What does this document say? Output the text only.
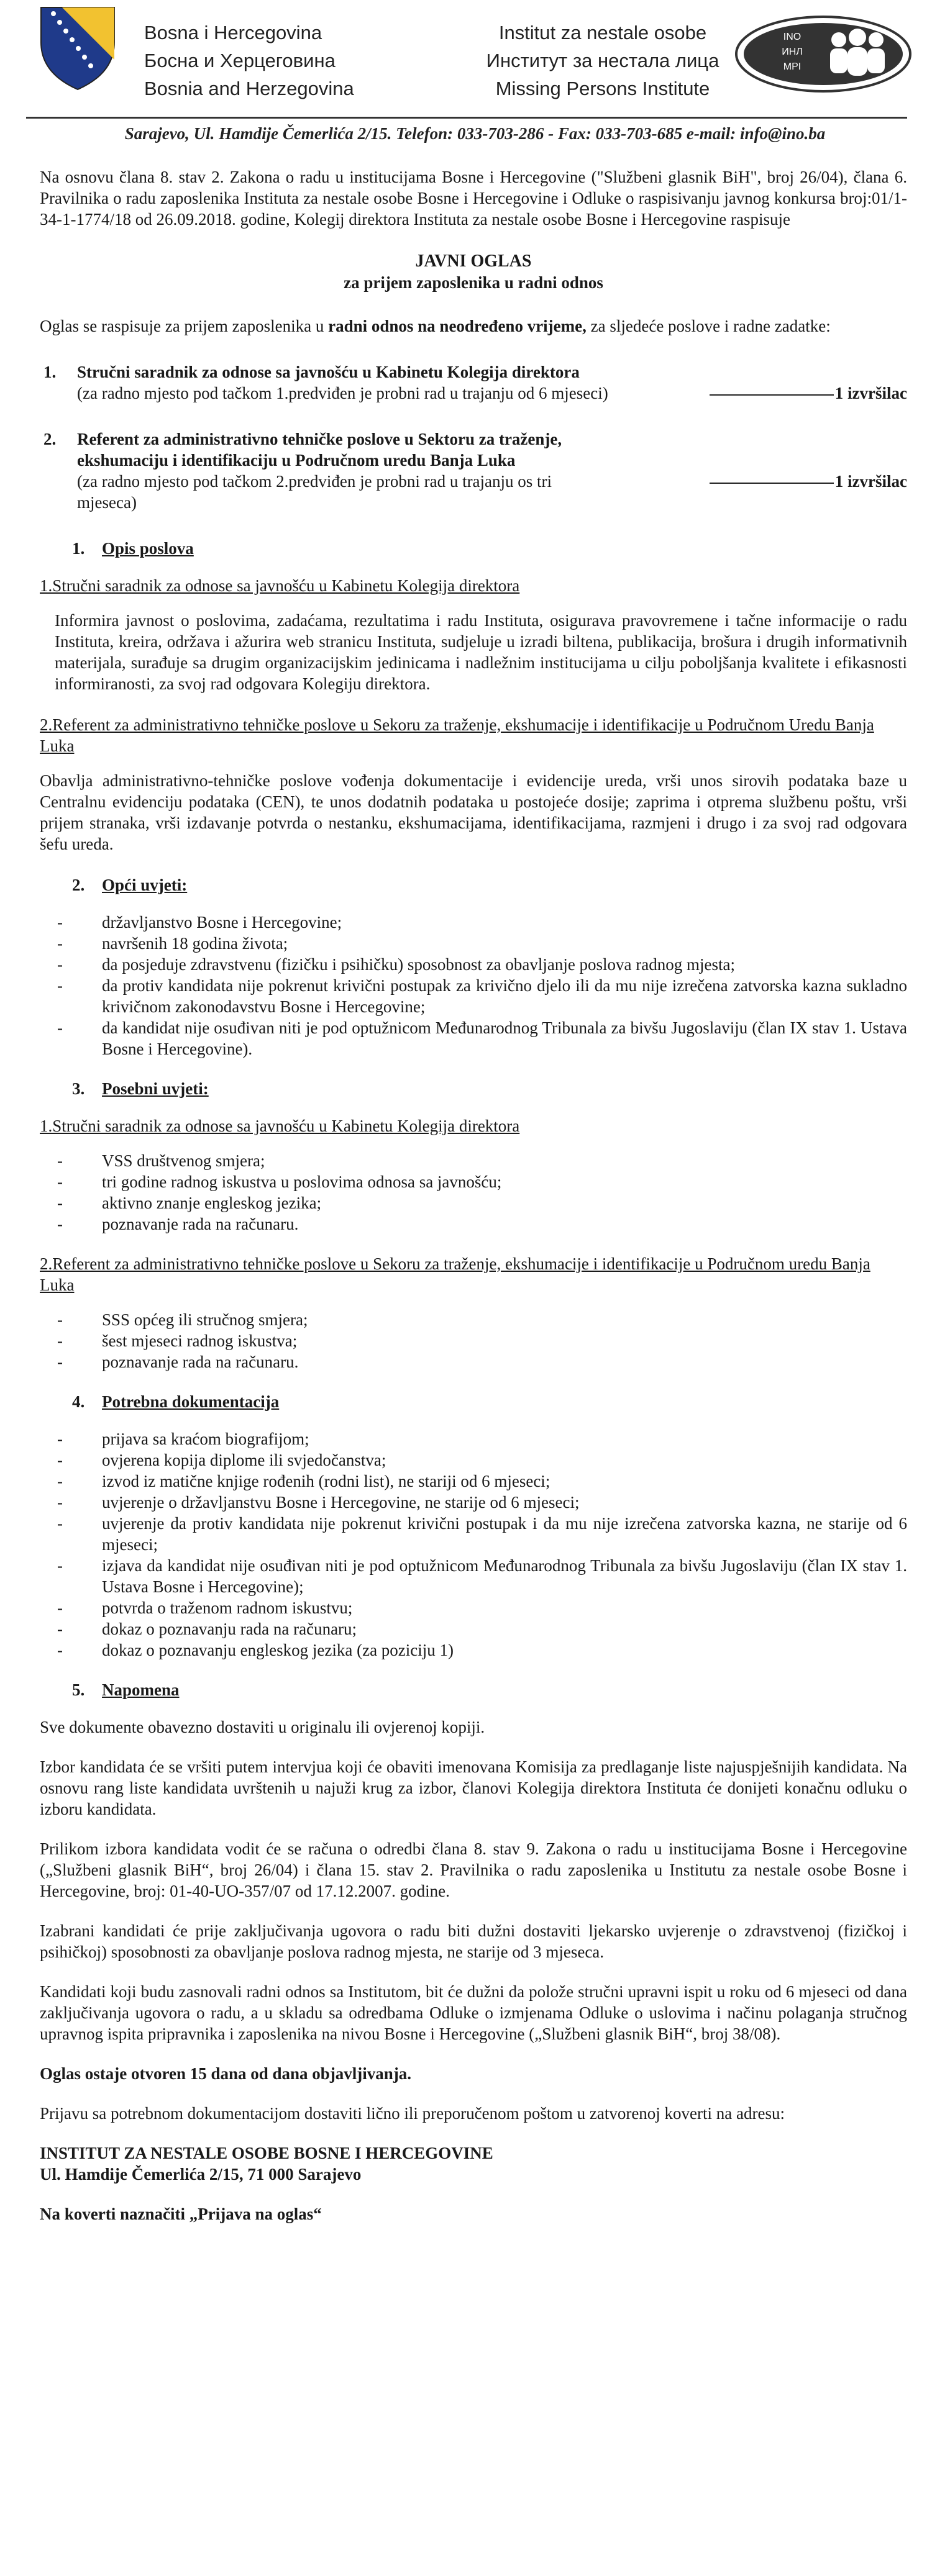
Bosna i Hercegovina
Босна и Херцеговина
Bosnia and Herzegovina
Institut za nestale osobe
Институт за нестала лица
Missing Persons Institute
INO
ИНЛ
MPI
Sarajevo, Ul. Hamdije Čemerlića 2/15. Telefon: 033-703-286 - Fax: 033-703-685 e-mail: info@ino.ba

Na osnovu člana 8. stav 2. Zakona o radu u institucijama Bosne i Hercegovine ("Službeni glasnik BiH", broj 26/04), člana 6. Pravilnika o radu zaposlenika Instituta za nestale osobe Bosne i Hercegovine i Odluke o raspisivanju javnog konkursa broj:01/1-34-1-1774/18 od 26.09.2018. godine, Kolegij direktora Instituta za nestale osobe Bosne i Hercegovine raspisuje

JAVNI OGLAS

za prijem zaposlenika u radni odnos

Oglas se raspisuje za prijem zaposlenika u radni odnos na neodređeno vrijeme, za sljedeće poslove i radne zadatke:

1. Stručni saradnik za odnose sa javnošću u Kabinetu Kolegija direktora
1 izvršilac
(za radno mjesto pod tačkom 1.predviđen je probni rad u trajanju od 6 mjeseci)
2. Referent za administrativno tehničke poslove u Sektoru za traženje, ekshumaciju i identifikaciju u Područnom uredu Banja Luka
1 izvršilac
(za radno mjesto pod tačkom 2.predviđen je probni rad u trajanju os tri mjeseca)
1. Opis poslova

1.Stručni saradnik za odnose sa javnošću u Kabinetu Kolegija direktora

Informira javnost o poslovima, zadaćama, rezultatima i radu Instituta, osigurava pravovremene i tačne informacije o radu Instituta, kreira, održava i ažurira web stranicu Instituta, sudjeluje u izradi biltena, publikacija, brošura i drugih informativnih materijala, surađuje sa drugim organizacijskim jedinicama i nadležnim institucijama u cilju poboljšanja kvalitete i efikasnosti informiranosti, za svoj rad odgovara Kolegiju direktora.

2.Referent za administrativno tehničke poslove u Sekoru za traženje, ekshumacije i identifikacije u Područnom Uredu Banja Luka

Obavlja administrativno-tehničke poslove vođenja dokumentacije i evidencije ureda, vrši unos sirovih podataka baze u Centralnu evidenciju podataka (CEN), te unos dodatnih podataka u postojeće dosije; zaprima i otprema službenu poštu, vrši prijem stranaka, vrši izdavanje potvrda o nestanku, ekshumacijama, identifikacijama, razmjeni i drugo i za svoj rad odgovara šefu ureda.

2. Opći uvjeti:
- državljanstvo Bosne i Hercegovine;
- navršenih 18 godina života;
- da posjeduje zdravstvenu (fizičku i psihičku) sposobnost za obavljanje poslova radnog mjesta;
- da protiv kandidata nije pokrenut krivični postupak za krivično djelo ili da mu nije izrečena zatvorska kazna sukladno krivičnom zakonodavstvu Bosne i Hercegovine;
- da kandidat nije osuđivan niti je pod optužnicom Međunarodnog Tribunala za bivšu Jugoslaviju (član IX stav 1. Ustava Bosne i Hercegovine).
3. Posebni uvjeti:

1.Stručni saradnik za odnose sa javnošću u Kabinetu Kolegija direktora

- VSS društvenog smjera;
- tri godine radnog iskustva u poslovima odnosa sa javnošću;
- aktivno znanje engleskog jezika;
- poznavanje rada na računaru.

2.Referent za administrativno tehničke poslove u Sekoru za traženje, ekshumacije i identifikacije u Područnom uredu Banja Luka

- SSS općeg ili stručnog smjera;
- šest mjeseci radnog iskustva;
- poznavanje rada na računaru.
4. Potrebna dokumentacija
- prijava sa kraćom biografijom;
- ovjerena kopija diplome ili svjedočanstva;
- izvod iz matične knjige rođenih (rodni list), ne stariji od 6 mjeseci;
- uvjerenje o državljanstvu Bosne i Hercegovine, ne starije od 6 mjeseci;
- uvjerenje da protiv kandidata nije pokrenut krivični postupak i da mu nije izrečena zatvorska kazna, ne starije od 6 mjeseci;
- izjava da kandidat nije osuđivan niti je pod optužnicom Međunarodnog Tribunala za bivšu Jugoslaviju (član IX stav 1. Ustava Bosne i Hercegovine);
- potvrda o traženom radnom iskustvu;
- dokaz o poznavanju rada na računaru;
- dokaz o poznavanju engleskog jezika (za poziciju 1)
5. Napomena

Sve dokumente obavezno dostaviti u originalu ili ovjerenoj kopiji.

Izbor kandidata će se vršiti putem intervjua koji će obaviti imenovana Komisija za predlaganje liste najuspješnijih kandidata. Na osnovu rang liste kandidata uvrštenih u najuži krug za izbor, članovi Kolegija direktora Instituta će donijeti konačnu odluku o izboru kandidata.

Prilikom izbora kandidata vodit će se računa o odredbi člana 8. stav 9. Zakona o radu u institucijama Bosne i Hercegovine („Službeni glasnik BiH“, broj 26/04) i člana 15. stav 2. Pravilnika o radu zaposlenika u Institutu za nestale osobe Bosne i Hercegovine, broj: 01-40-UO-357/07 od 17.12.2007. godine.

Izabrani kandidati će prije zaključivanja ugovora o radu biti dužni dostaviti ljekarsko uvjerenje o zdravstvenoj (fizičkoj i psihičkoj) sposobnosti za obavljanje poslova radnog mjesta, ne starije od 3 mjeseca.

Kandidati koji budu zasnovali radni odnos sa Institutom, bit će dužni da polože stručni upravni ispit u roku od 6 mjeseci od dana zaključivanja ugovora o radu, a u skladu sa odredbama Odluke o izmjenama Odluke o uslovima i načinu polaganja stručnog upravnog ispita pripravnika i zaposlenika na nivou Bosne i Hercegovine („Službeni glasnik BiH“, broj 38/08).

Oglas ostaje otvoren 15 dana od dana objavljivanja.

Prijavu sa potrebnom dokumentacijom dostaviti lično ili preporučenom poštom u zatvorenoj koverti na adresu:

INSTITUT ZA NESTALE OSOBE BOSNE I HERCEGOVINE
Ul. Hamdije Čemerlića 2/15, 71 000 Sarajevo

Na koverti naznačiti „Prijava na oglas“
